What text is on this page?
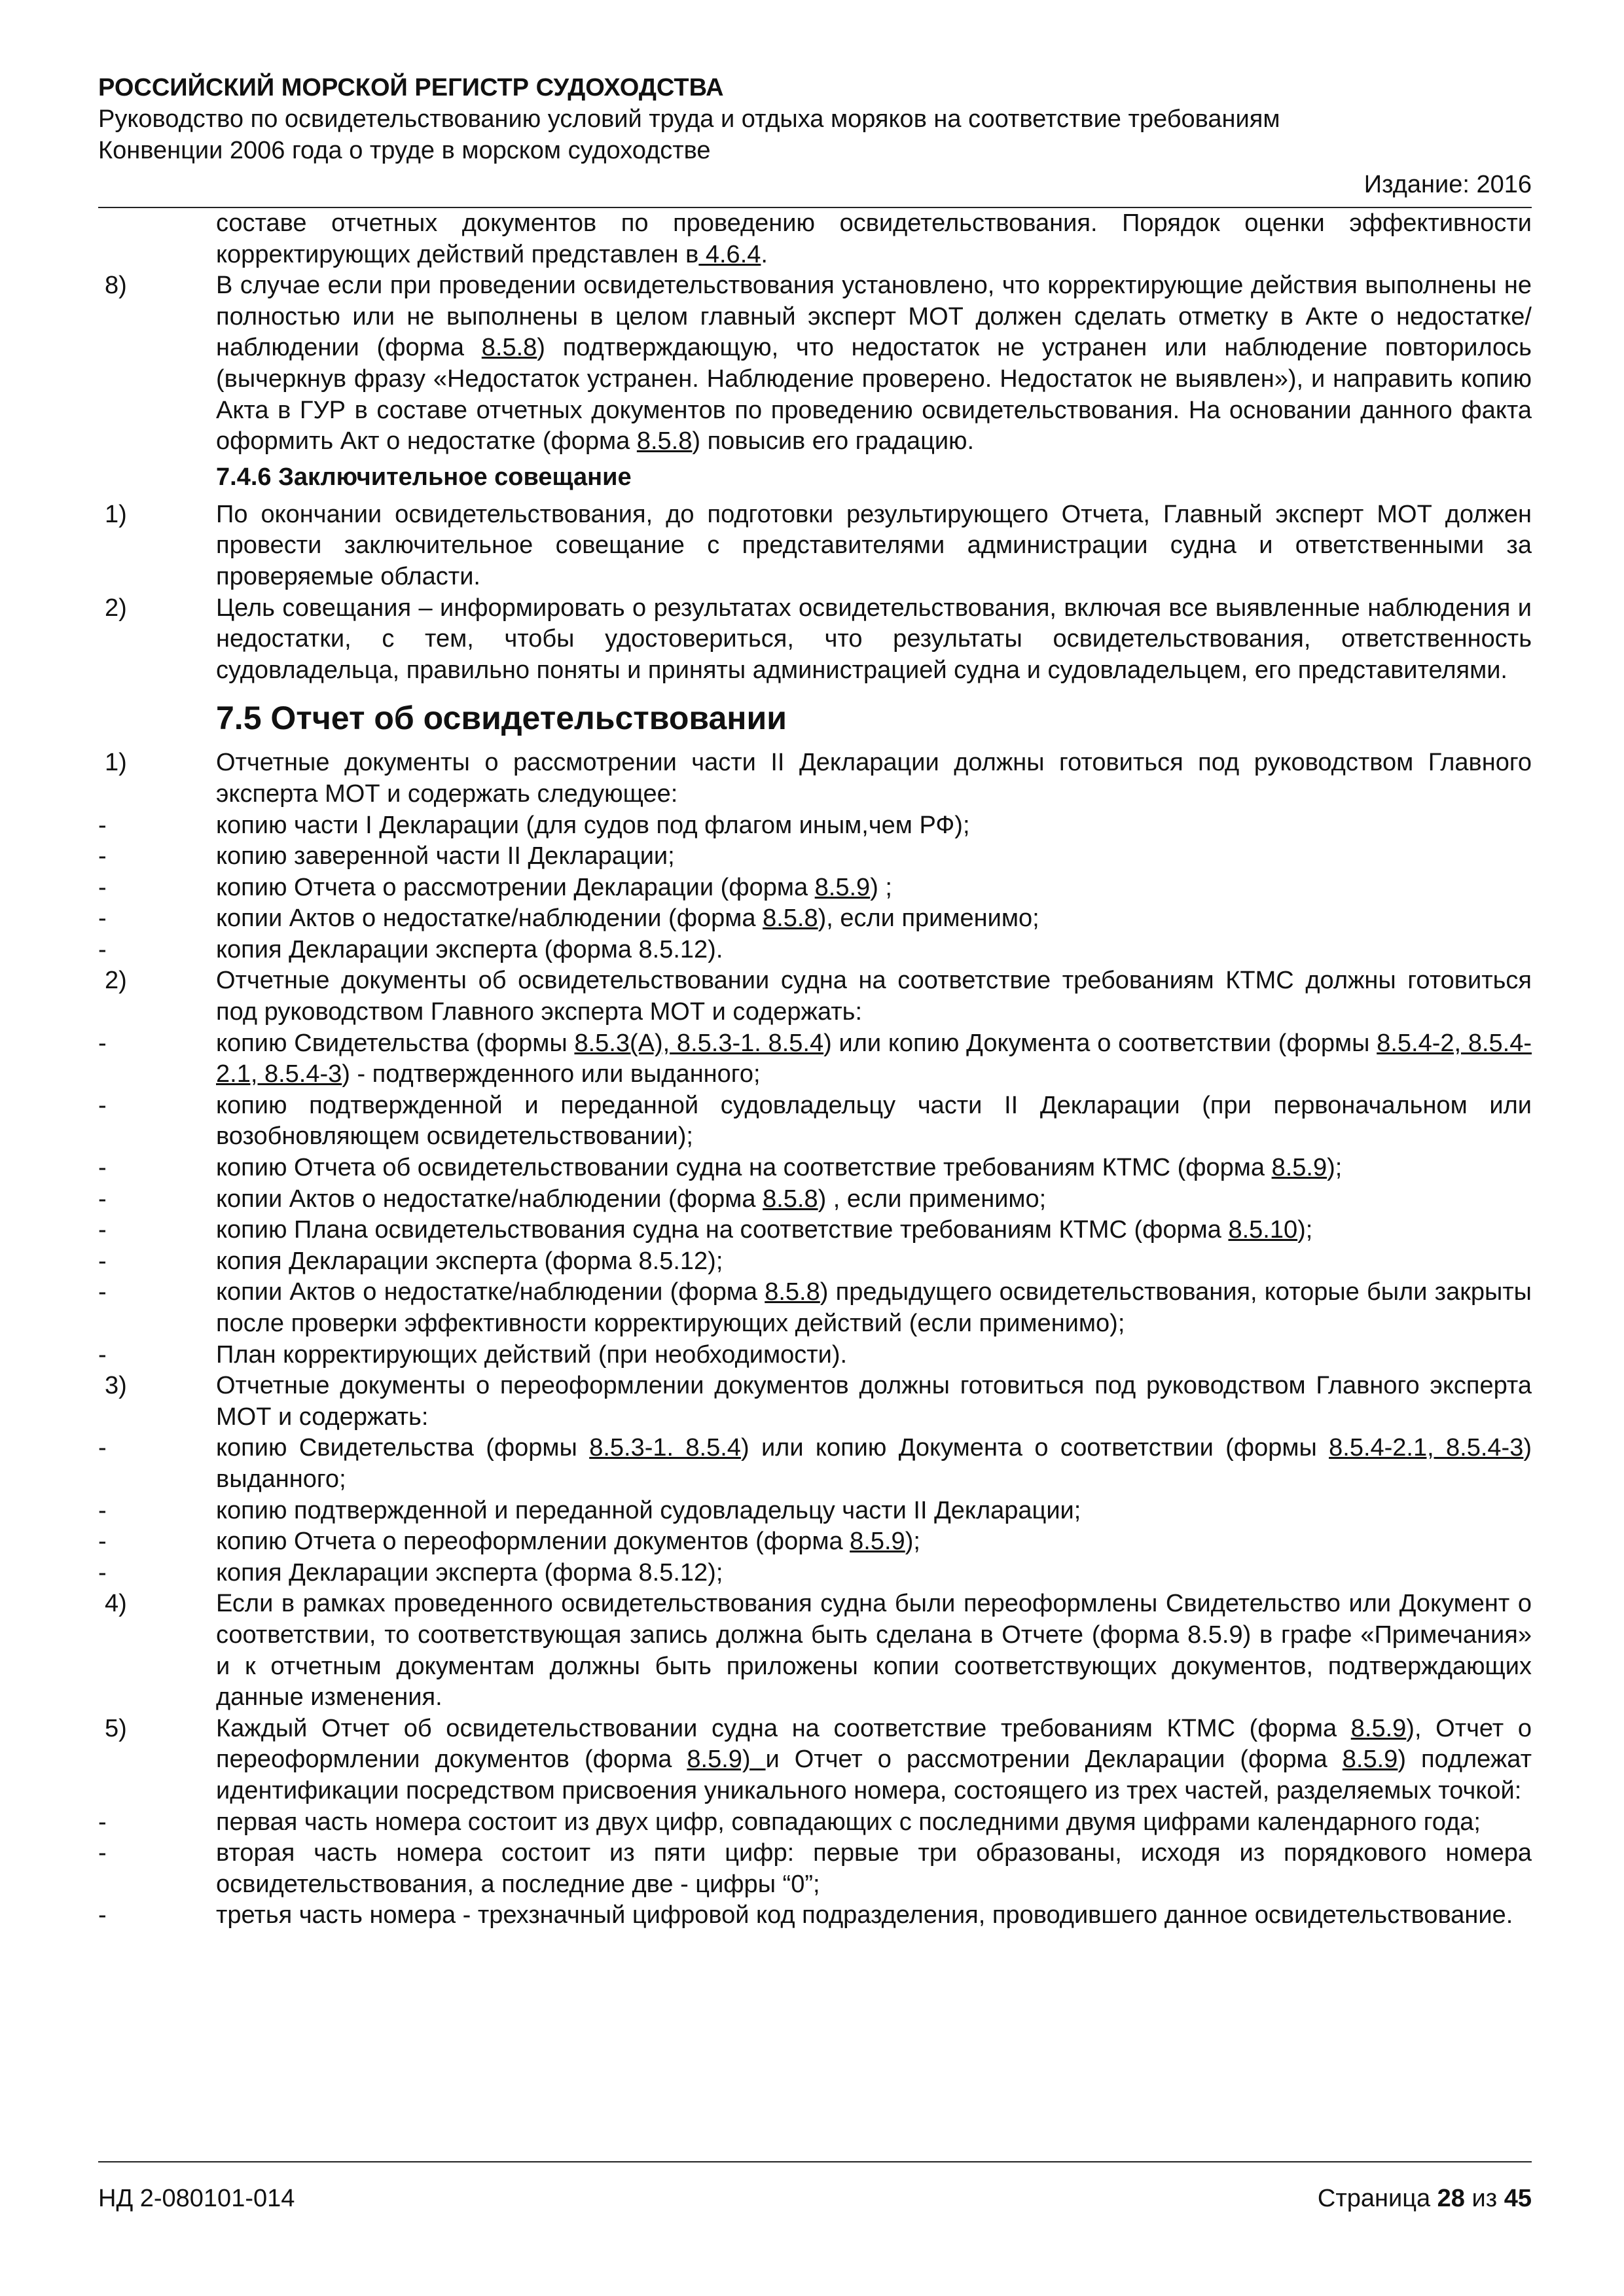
РОССИЙСКИЙ МОРСКОЙ РЕГИСТР СУДОХОДСТВА
Руководство по освидетельствованию условий труда и отдыха моряков на соответствие требованиям
Конвенции 2006 года о труде в морском судоходстве
Издание: 2016
составе отчетных документов по проведению освидетельствования. Порядок оценки эффективности корректирующих действий представлен в 4.6.4.
8)	В случае если при проведении освидетельствования установлено, что корректирующие действия выполнены не полностью или не выполнены в целом главный эксперт МОТ должен сделать отметку в Акте о недостатке/наблюдении (форма 8.5.8) подтверждающую, что недостаток не устранен или наблюдение повторилось (вычеркнув фразу «Недостаток устранен. Наблюдение проверено. Недостаток не выявлен»), и направить копию Акта в ГУР в составе отчетных документов по проведению освидетельствования. На основании данного факта оформить Акт о недостатке (форма 8.5.8) повысив его градацию.
7.4.6 Заключительное совещание
1)	По окончании освидетельствования, до подготовки результирующего Отчета, Главный эксперт МОТ должен провести заключительное совещание с представителями администрации судна и ответственными за проверяемые области.
2)	Цель совещания – информировать о результатах освидетельствования, включая все выявленные наблюдения и недостатки, с тем, чтобы удостовериться, что результаты освидетельствования, ответственность судовладельца, правильно поняты и приняты администрацией судна и судовладельцем, его представителями.
7.5 Отчет об освидетельствовании
1)	Отчетные документы о рассмотрении части II Декларации должны готовиться под руководством Главного эксперта МОТ и содержать следующее:
-	копию части I Декларации (для судов под флагом иным,чем РФ);
-	копию заверенной части II Декларации;
-	копию Отчета о рассмотрении Декларации (форма 8.5.9) ;
-	копии Актов о недостатке/наблюдении (форма 8.5.8), если применимо;
-	копия Декларации эксперта (форма 8.5.12).
2)	Отчетные документы об освидетельствовании судна на соответствие требованиям КТМС должны готовиться под руководством Главного эксперта МОТ и содержать:
-	копию Свидетельства (формы 8.5.3(А), 8.5.3-1. 8.5.4) или копию Документа о соответствии (формы 8.5.4-2, 8.5.4-2.1, 8.5.4-3) - подтвержденного или выданного;
-	копию подтвержденной и переданной судовладельцу части II Декларации (при первоначальном или возобновляющем освидетельствовании);
-	копию Отчета об освидетельствовании судна на соответствие требованиям КТМС (форма 8.5.9);
-	копии Актов о недостатке/наблюдении (форма 8.5.8) , если применимо;
-	копию Плана освидетельствования судна на соответствие требованиям КТМС (форма 8.5.10);
-	копия Декларации эксперта (форма 8.5.12);
-	копии Актов о недостатке/наблюдении (форма 8.5.8) предыдущего освидетельствования, которые были закрыты после проверки эффективности корректирующих действий (если применимо);
-	План корректирующих действий (при необходимости).
3)	Отчетные документы о переоформлении документов должны готовиться под руководством Главного эксперта МОТ и содержать:
-	копию Свидетельства (формы 8.5.3-1. 8.5.4) или копию Документа о соответствии (формы 8.5.4-2.1, 8.5.4-3) выданного;
-	копию подтвержденной и переданной судовладельцу части II Декларации;
-	копию Отчета о переоформлении документов (форма 8.5.9);
-	копия Декларации эксперта (форма 8.5.12);
4)	Если в рамках проведенного освидетельствования судна были переоформлены Свидетельство или Документ о соответствии, то соответствующая запись должна быть сделана в Отчете (форма 8.5.9) в графе «Примечания» и к отчетным документам должны быть приложены копии соответствующих документов, подтверждающих данные изменения.
5)	Каждый Отчет об освидетельствовании судна на соответствие требованиям КТМС (форма 8.5.9), Отчет о переоформлении документов (форма 8.5.9) и Отчет о рассмотрении Декларации (форма 8.5.9) подлежат идентификации посредством присвоения уникального номера, состоящего из трех частей, разделяемых точкой:
-	первая часть номера состоит из двух цифр, совпадающих с последними двумя цифрами календарного года;
-	вторая часть номера состоит из пяти цифр: первые три образованы, исходя из порядкового номера освидетельствования, а последние две - цифры “0”;
-	третья часть номера - трехзначный цифровой код подразделения, проводившего данное освидетельствование.
НД 2-080101-014	Страница 28 из 45
